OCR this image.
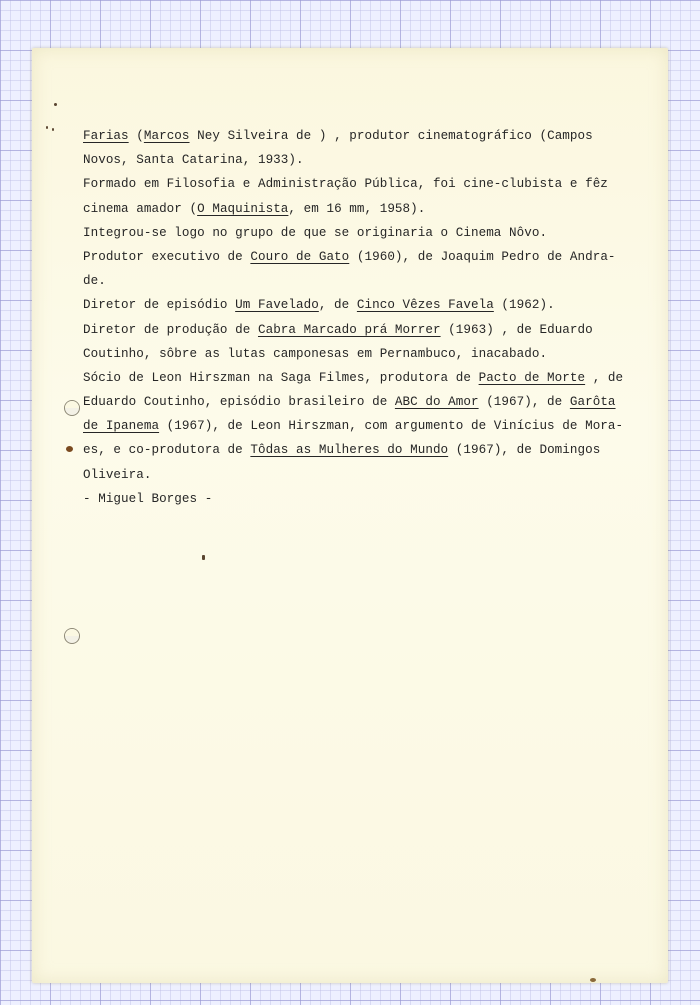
Farias (Marcos Ney Silveira de ) , produtor cinematográfico (Campos
Novos, Santa Catarina, 1933).
Formado em Filosofia e Administração Pública, foi cine-clubista e fêz
cinema amador (O Maquinista, em 16 mm, 1958).
Integrou-se logo no grupo de que se originaria o Cinema Nôvo.
Produtor executivo de Couro de Gato (1960), de Joaquim Pedro de Andra-
de.
Diretor de episódio Um Favelado, de Cinco Vêzes Favela (1962).
Diretor de produção de Cabra Marcado prá Morrer (1963) , de Eduardo
Coutinho, sôbre as lutas camponesas em Pernambuco, inacabado.
Sócio de Leon Hirszman na Saga Filmes, produtora de Pacto de Morte , de
Eduardo Coutinho, episódio brasileiro de ABC do Amor (1967), de Garôta
de Ipanema (1967), de Leon Hirszman, com argumento de Vinícius de Mora-
es, e co-produtora de Tôdas as Mulheres do Mundo (1967), de Domingos
Oliveira.
- Miguel Borges -
